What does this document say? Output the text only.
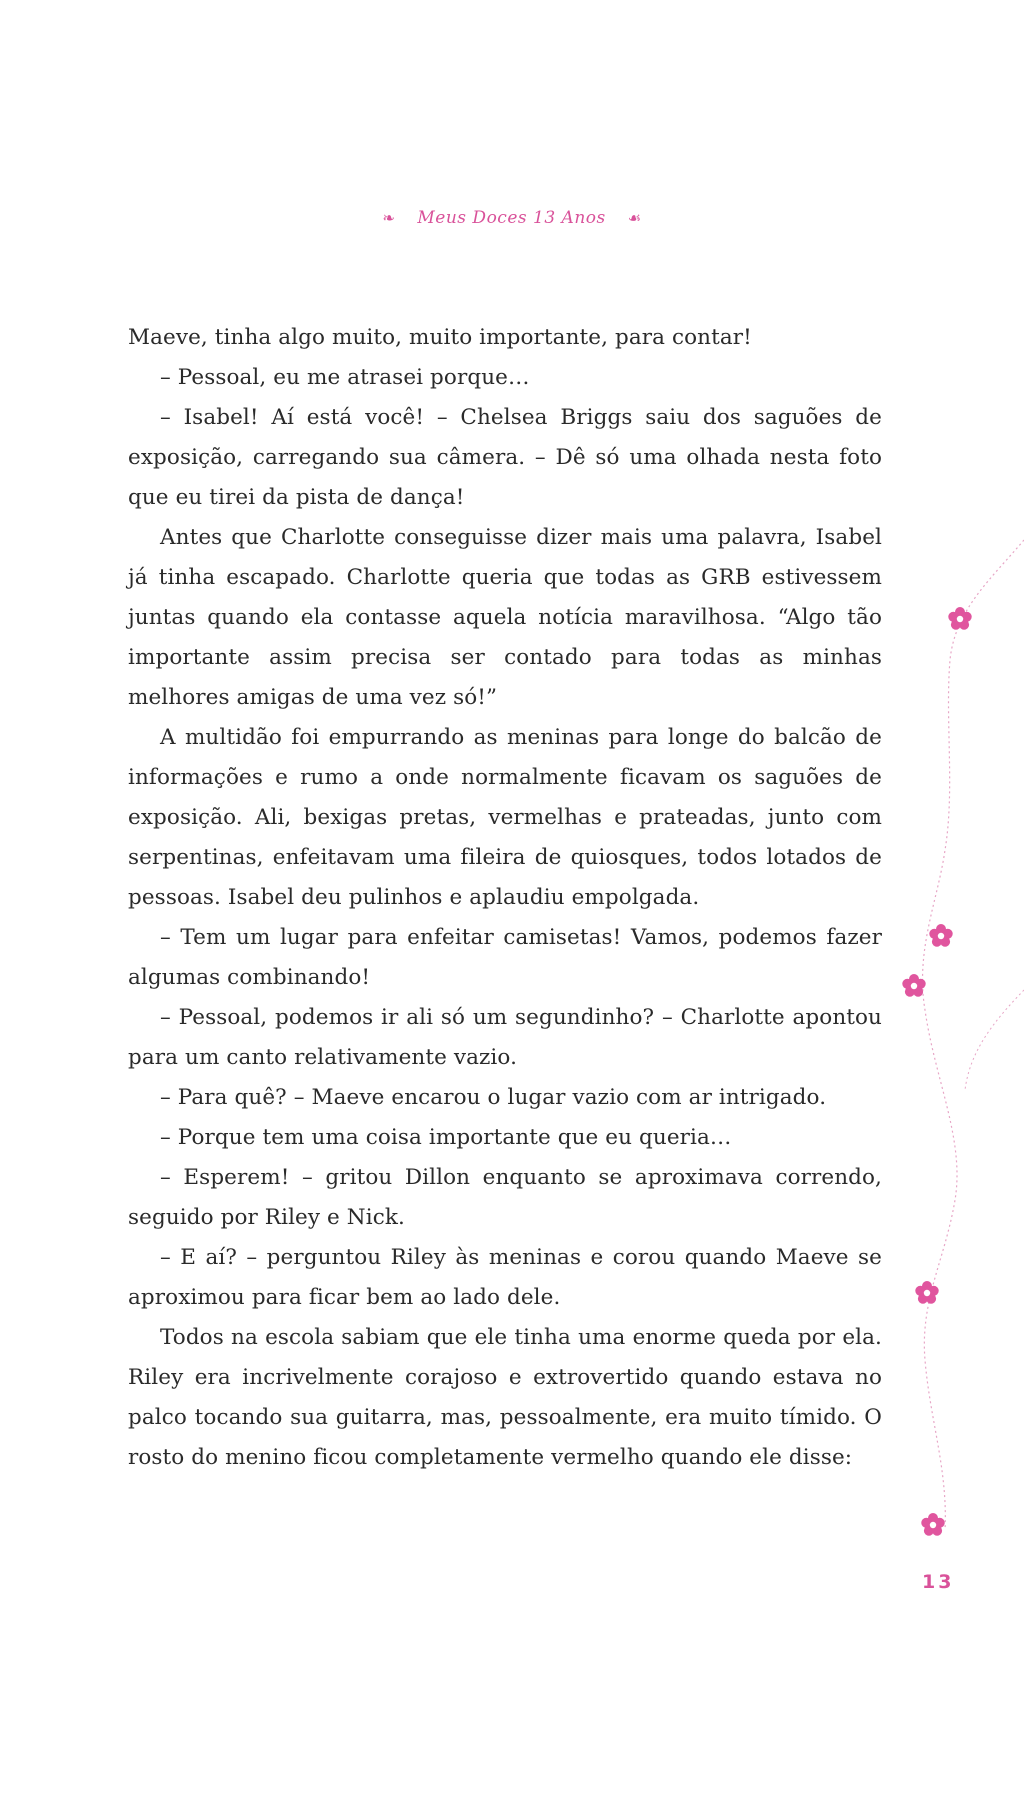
❧ Meus Doces 13 Anos ☙

Maeve, tinha algo muito, muito importante, para contar!

– Pessoal, eu me atrasei porque…

– Isabel! Aí está você! – Chelsea Briggs saiu dos saguões de exposição, carregando sua câmera. – Dê só uma olhada nesta foto que eu tirei da pista de dança!

Antes que Charlotte conseguisse dizer mais uma palavra, Isabel já tinha escapado. Charlotte queria que todas as GRB estivessem juntas quando ela contasse aquela notícia maravilhosa. “Algo tão importante assim precisa ser contado para todas as minhas melhores amigas de uma vez só!”

A multidão foi empurrando as meninas para longe do balcão de informações e rumo a onde normalmente ficavam os saguões de exposição. Ali, bexigas pretas, vermelhas e prateadas, junto com serpentinas, enfeitavam uma fileira de quiosques, todos lotados de pessoas. Isabel deu pulinhos e aplaudiu empolgada.

– Tem um lugar para enfeitar camisetas! Vamos, podemos fazer algumas combinando!

– Pessoal, podemos ir ali só um segundinho? – Charlotte apontou para um canto relativamente vazio.

– Para quê? – Maeve encarou o lugar vazio com ar intrigado.

– Porque tem uma coisa importante que eu queria…

– Esperem! – gritou Dillon enquanto se aproximava correndo, seguido por Riley e Nick.

– E aí? – perguntou Riley às meninas e corou quando Maeve se aproximou para ficar bem ao lado dele.

Todos na escola sabiam que ele tinha uma enorme queda por ela. Riley era incrivelmente corajoso e extrovertido quando estava no palco tocando sua guitarra, mas, pessoalmente, era muito tímido. O rosto do menino ficou completamente vermelho quando ele disse:

13
